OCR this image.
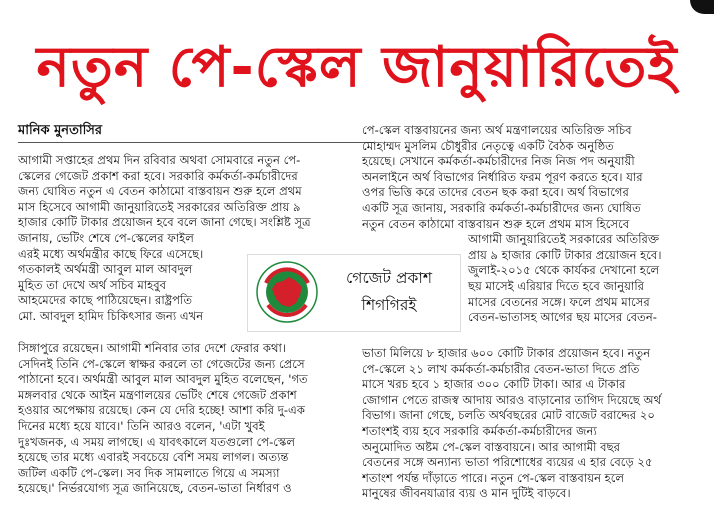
নতুন পে-স্কেল জানুয়ারিতেই
মানিক মুনতাসির
আগামী সপ্তাহের প্রথম দিন রবিবার অথবা সোমবারে নতুন পে-
স্কেলের গেজেট প্রকাশ করা হবে। সরকারি কর্মকর্তা-কর্মচারীদের
জন্য ঘোষিত নতুন এ বেতন কাঠামো বাস্তবায়ন শুরু হলে প্রথম
মাস হিসেবে আগামী জানুয়ারিতেই সরকারের অতিরিক্ত প্রায় ৯
হাজার কোটি টাকার প্রয়োজন হবে বলে জানা গেছে। সংশ্লিষ্ট সূত্র
জানায়, ভেটিং শেষে পে-স্কেলের ফাইল
এরই মধ্যে অর্থমন্ত্রীর কাছে ফিরে এসেছে।
গতকালই অর্থমন্ত্রী আবুল মাল আবদুল
মুহিত তা দেখে অর্থ সচিব মাহবুব
আহমেদের কাছে পাঠিয়েছেন। রাষ্ট্রপতি
মো. আবদুল হামিদ চিকিৎসার জন্য এখন
পে-স্কেল বাস্তবায়নের জন্য অর্থ মন্ত্রণালয়ের অতিরিক্ত সচিব
মোহাম্মদ মুসলিম চৌধুরীর নেতৃত্বে একটি বৈঠক অনুষ্ঠিত
হয়েছে। সেখানে কর্মকর্তা-কর্মচারীদের নিজ নিজ পদ অনুযায়ী
অনলাইনে অর্থ বিভাগের নির্ধারিত ফরম পূরণ করতে হবে। যার
ওপর ভিত্তি করে তাদের বেতন ছক করা হবে। অর্থ বিভাগের
একটি সূত্র জানায়, সরকারি কর্মকর্তা-কর্মচারীদের জন্য ঘোষিত
নতুন বেতন কাঠামো বাস্তবায়ন শুরু হলে প্রথম মাস হিসেবে
আগামী জানুয়ারিতেই সরকারের অতিরিক্ত
প্রায় ৯ হাজার কোটি টাকার প্রয়োজন হবে।
জুলাই-২০১৫ থেকে কার্যকর দেখানো হলে
ছয় মাসেই এরিয়ার দিতে হবে জানুয়ারি
মাসের বেতনের সঙ্গে। ফলে প্রথম মাসের
বেতন-ভাতাসহ আগের ছয় মাসের বেতন-
সিঙ্গাপুরে রয়েছেন। আগামী শনিবার তার দেশে ফেরার কথা।
সেদিনই তিনি পে-স্কেলে স্বাক্ষর করলে তা গেজেটের জন্য প্রেসে
পাঠানো হবে। অর্থমন্ত্রী আবুল মাল আবদুল মুহিত বলেছেন, 'গত
মঙ্গলবার থেকে আইন মন্ত্রণালয়ের ভেটিং শেষে গেজেট প্রকাশ
হওয়ার অপেক্ষায় রয়েছে। কেন যে দেরি হচ্ছে! আশা করি দু-এক
দিনের মধ্যে হয়ে যাবে।' তিনি আরও বলেন, 'এটা খুবই
দুঃখজনক, এ সময় লাগছে। এ যাবৎকালে যতগুলো পে-স্কেল
হয়েছে তার মধ্যে এবারই সবচেয়ে বেশি সময় লাগল। অত্যন্ত
জটিল একটি পে-স্কেল। সব দিক সামলাতে গিয়ে এ সমস্যা
হয়েছে।' নির্ভরযোগ্য সূত্র জানিয়েছে, বেতন-ভাতা নির্ধারণ ও
ভাতা মিলিয়ে ৮ হাজার ৬০০ কোটি টাকার প্রয়োজন হবে। নতুন
পে-স্কেলে ২১ লাখ কর্মকর্তা-কর্মচারীর বেতন-ভাতা দিতে প্রতি
মাসে খরচ হবে ১ হাজার ৩০০ কোটি টাকা। আর এ টাকার
জোগান পেতে রাজস্ব আদায় আরও বাড়ানোর তাগিদ দিয়েছে অর্থ
বিভাগ। জানা গেছে, চলতি অর্থবছরের মোট বাজেট বরাদ্দের ২০
শতাংশই ব্যয় হবে সরকারি কর্মকর্তা-কর্মচারীদের জন্য
অনুমোদিত অষ্টম পে-স্কেল বাস্তবায়নে। আর আগামী বছর
বেতনের সঙ্গে অন্যান্য ভাতা পরিশোধের ব্যয়ের এ হার বেড়ে ২৫
শতাংশ পর্যন্ত দাঁড়াতে পারে। নতুন পে-স্কেল বাস্তবায়ন হলে
মানুষের জীবনযাত্রার ব্যয় ও মান দুটিই বাড়বে।
গেজেট প্রকাশ
শিগগিরই
